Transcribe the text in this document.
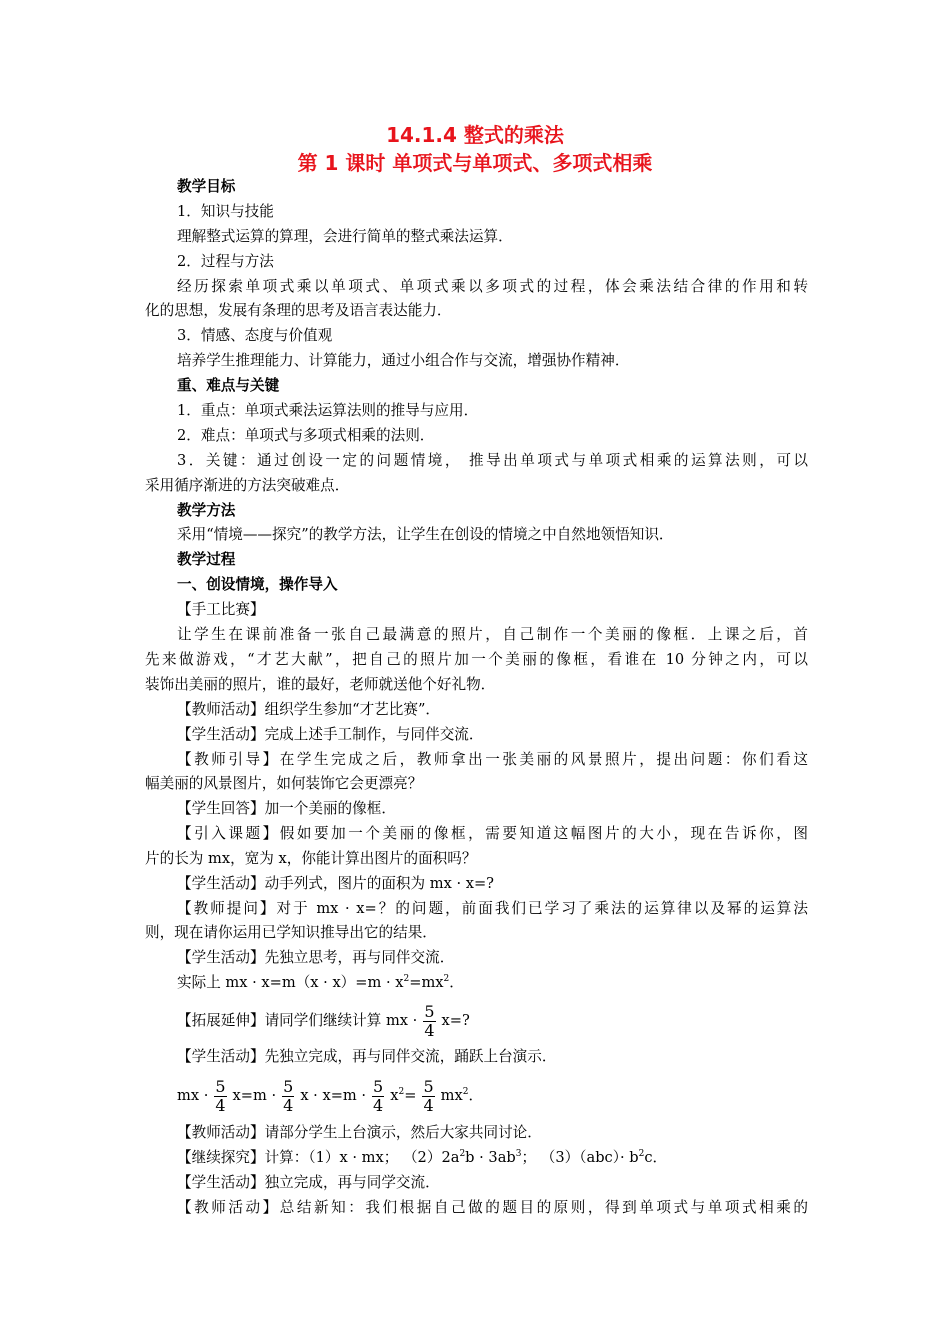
14.1.4 整式的乘法
第 1 课时 单项式与单项式、多项式相乘
教学目标
1．知识与技能
理解整式运算的算理，会进行简单的整式乘法运算．
2．过程与方法
经历探索单项式乘以单项式、单项式乘以多项式的过程，体会乘法结合律的作用和转
化的思想，发展有条理的思考及语言表达能力．
3．情感、态度与价值观
培养学生推理能力、计算能力，通过小组合作与交流，增强协作精神．
重、难点与关键
1．重点：单项式乘法运算法则的推导与应用．
2．难点：单项式与多项式相乘的法则．
3．关键：通过创设一定的问题情境， 推导出单项式与单项式相乘的运算法则，可以
采用循序渐进的方法突破难点．
教学方法
采用“情境——探究”的教学方法，让学生在创设的情境之中自然地领悟知识．
教学过程
一、创设情境，操作导入
【手工比赛】
让学生在课前准备一张自己最满意的照片，自己制作一个美丽的像框．上课之后，首
先来做游戏，“才艺大献”，把自己的照片加一个美丽的像框，看谁在 10 分钟之内，可以
装饰出美丽的照片，谁的最好，老师就送他个好礼物．
【教师活动】组织学生参加“才艺比赛”．
【学生活动】完成上述手工制作，与同伴交流．
【教师引导】在学生完成之后，教师拿出一张美丽的风景照片，提出问题：你们看这
幅美丽的风景图片，如何装饰它会更漂亮？
【学生回答】加一个美丽的像框．
【引入课题】假如要加一个美丽的像框，需要知道这幅图片的大小，现在告诉你，图
片的长为 mx，宽为 x，你能计算出图片的面积吗？
【学生活动】动手列式，图片的面积为 mx · x=?
【教师提问】对于 mx · x=？的问题，前面我们已学习了乘法的运算律以及幂的运算法
则，现在请你运用已学知识推导出它的结果．
【学生活动】先独立思考，再与同伴交流．
实际上 mx · $x=m(x \cdot x)=m \cdot x^2=mx^2$．
【拓展延伸】请同学们继续计算 mx · $\frac{5}{4} x=$?
【学生活动】先独立完成，再与同伴交流，踊跃上台演示．
mx · $\frac{5}{4} x=m \cdot \frac{5}{4}$ $x \cdot x=m \cdot \frac{5}{4} x^2= \frac{5}{4} mx^2$．
【教师活动】请部分学生上台演示，然后大家共同讨论．
【继续探究】计算：（1）x · mx； $(2)2a^2b \cdot 3ab^3$； $(3)(abc)\cdot b^2c$．
【学生活动】独立完成，再与同学交流．
【教师活动】总结新知：我们根据自己做的题目的原则，得到单项式与单项式相乘的
